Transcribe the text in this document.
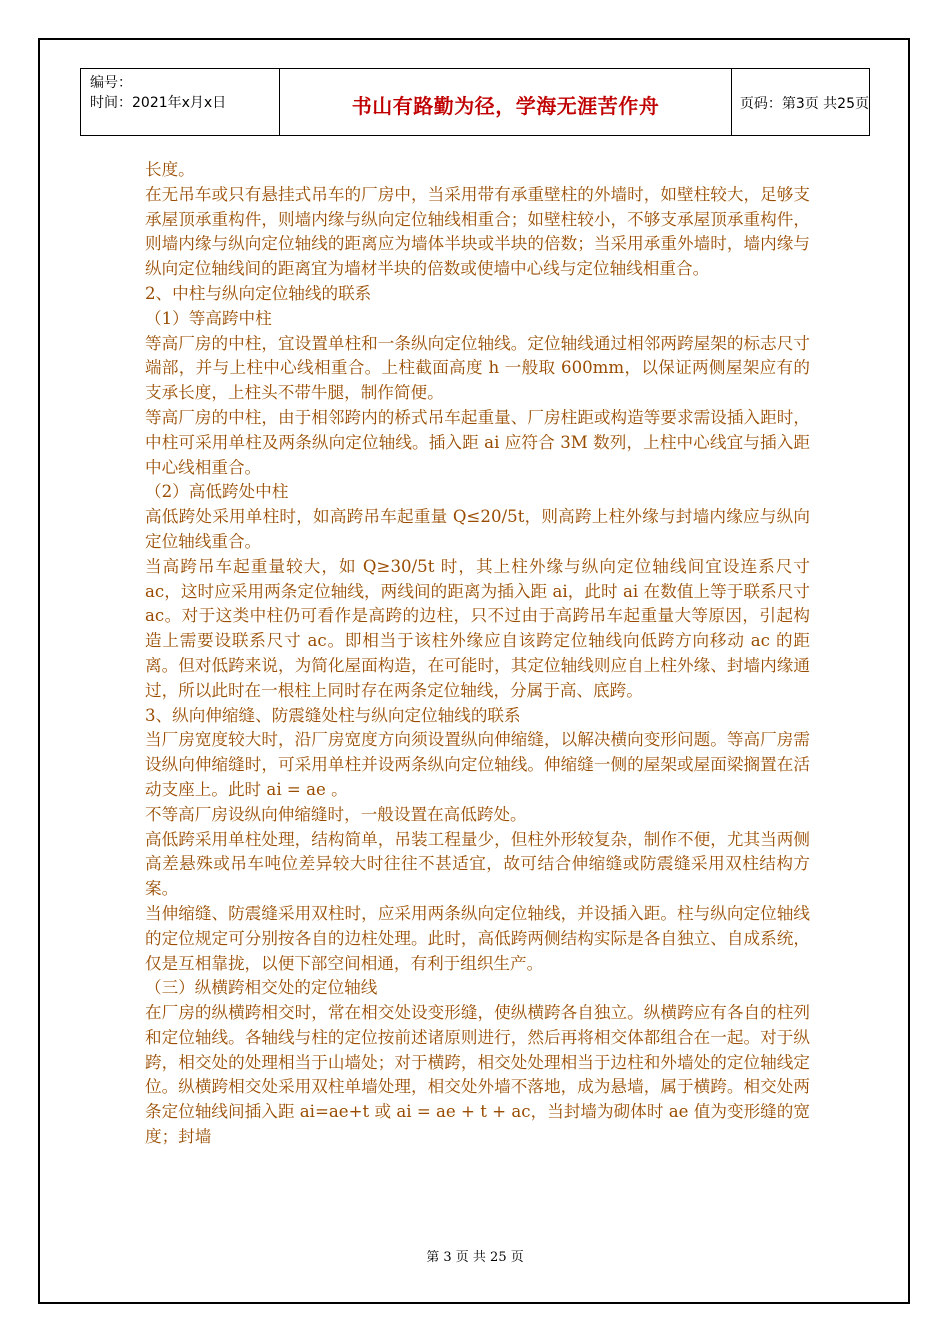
编号：
时间：2021年x月x日	书山有路勤为径，学海无涯苦作舟	页码：第3页 共25页

长度。

在无吊车或只有悬挂式吊车的厂房中，当采用带有承重壁柱的外墙时，如壁柱较大，足够支承屋顶承重构件，则墙内缘与纵向定位轴线相重合；如壁柱较小，不够支承屋顶承重构件，则墙内缘与纵向定位轴线的距离应为墙体半块或半块的倍数；当采用承重外墙时，墙内缘与纵向定位轴线间的距离宜为墙材半块的倍数或使墙中心线与定位轴线相重合。

2、中柱与纵向定位轴线的联系

（1）等高跨中柱

等高厂房的中柱，宜设置单柱和一条纵向定位轴线。定位轴线通过相邻两跨屋架的标志尺寸端部，并与上柱中心线相重合。上柱截面高度 h 一般取 600mm，以保证两侧屋架应有的支承长度，上柱头不带牛腿，制作简便。

等高厂房的中柱，由于相邻跨内的桥式吊车起重量、厂房柱距或构造等要求需设插入距时，中柱可采用单柱及两条纵向定位轴线。插入距 ai 应符合 3M 数列，上柱中心线宜与插入距中心线相重合。

（2）高低跨处中柱

高低跨处采用单柱时，如高跨吊车起重量 Q≤20/5t，则高跨上柱外缘与封墙内缘应与纵向定位轴线重合。

当高跨吊车起重量较大，如 Q≥30/5t 时，其上柱外缘与纵向定位轴线间宜设连系尺寸 ac，这时应采用两条定位轴线，两线间的距离为插入距 ai，此时 ai 在数值上等于联系尺寸 ac。对于这类中柱仍可看作是高跨的边柱，只不过由于高跨吊车起重量大等原因，引起构造上需要设联系尺寸 ac。即相当于该柱外缘应自该跨定位轴线向低跨方向移动 ac 的距离。但对低跨来说，为简化屋面构造，在可能时，其定位轴线则应自上柱外缘、封墙内缘通过，所以此时在一根柱上同时存在两条定位轴线，分属于高、底跨。

3、纵向伸缩缝、防震缝处柱与纵向定位轴线的联系

当厂房宽度较大时，沿厂房宽度方向须设置纵向伸缩缝，以解决横向变形问题。等高厂房需设纵向伸缩缝时，可采用单柱并设两条纵向定位轴线。伸缩缝一侧的屋架或屋面梁搁置在活动支座上。此时 ai = ae 。

不等高厂房设纵向伸缩缝时，一般设置在高低跨处。

高低跨采用单柱处理，结构简单，吊装工程量少，但柱外形较复杂，制作不便，尤其当两侧高差悬殊或吊车吨位差异较大时往往不甚适宜，故可结合伸缩缝或防震缝采用双柱结构方案。

当伸缩缝、防震缝采用双柱时，应采用两条纵向定位轴线，并设插入距。柱与纵向定位轴线的定位规定可分别按各自的边柱处理。此时，高低跨两侧结构实际是各自独立、自成系统，仅是互相靠拢，以便下部空间相通，有利于组织生产。

（三）纵横跨相交处的定位轴线

在厂房的纵横跨相交时，常在相交处设变形缝，使纵横跨各自独立。纵横跨应有各自的柱列和定位轴线。各轴线与柱的定位按前述诸原则进行，然后再将相交体都组合在一起。对于纵跨，相交处的处理相当于山墙处；对于横跨，相交处处理相当于边柱和外墙处的定位轴线定位。纵横跨相交处采用双柱单墙处理，相交处外墙不落地，成为悬墙，属于横跨。相交处两条定位轴线间插入距 ai=ae+t 或 ai = ae + t + ac，当封墙为砌体时 ae 值为变形缝的宽度；封墙

第 3 页 共 25 页
